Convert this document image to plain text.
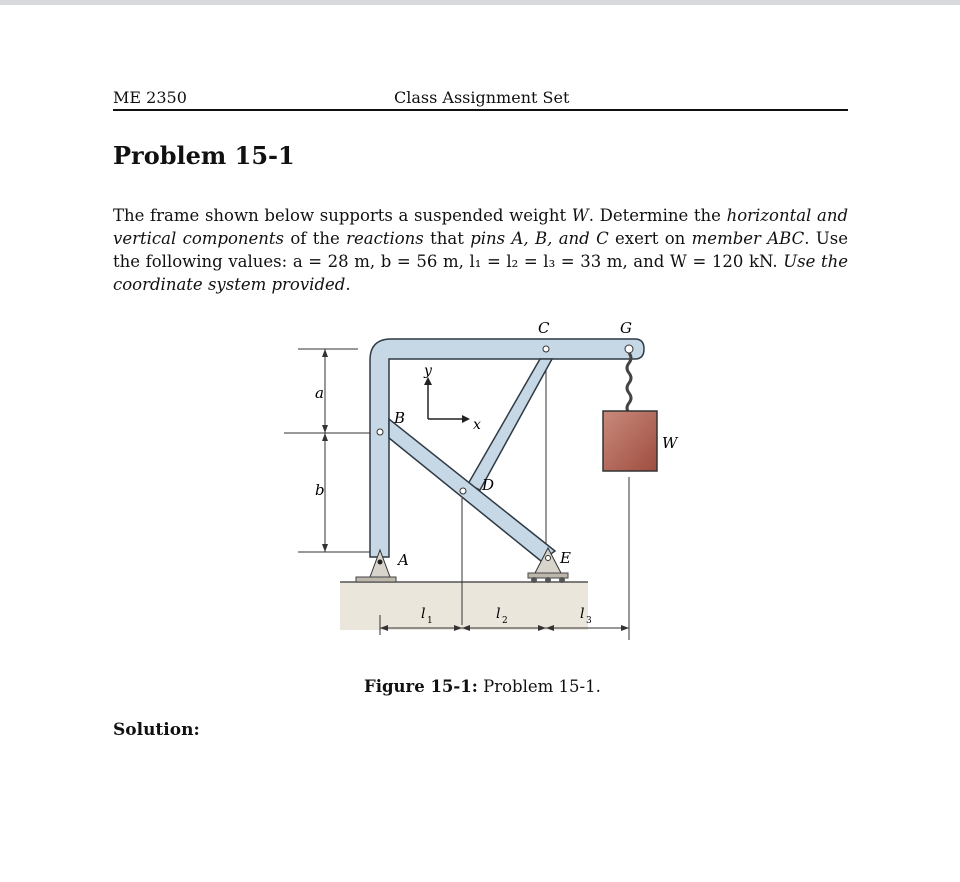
ME 2350	Class Assignment Set
Problem 15-1
The frame shown below supports a suspended weight W. Determine the horizontal and vertical components of the reactions that pins A, B, and C exert on member ABC. Use the following values: a = 28 m, b = 56 m, l₁ = l₂ = l₃ = 33 m, and W = 120 kN. Use the coordinate system provided.
a
b
B
C	G
D
A	E
W
x
y
l 1	l 2	l 3
Figure 15-1: Problem 15-1.
Solution:
